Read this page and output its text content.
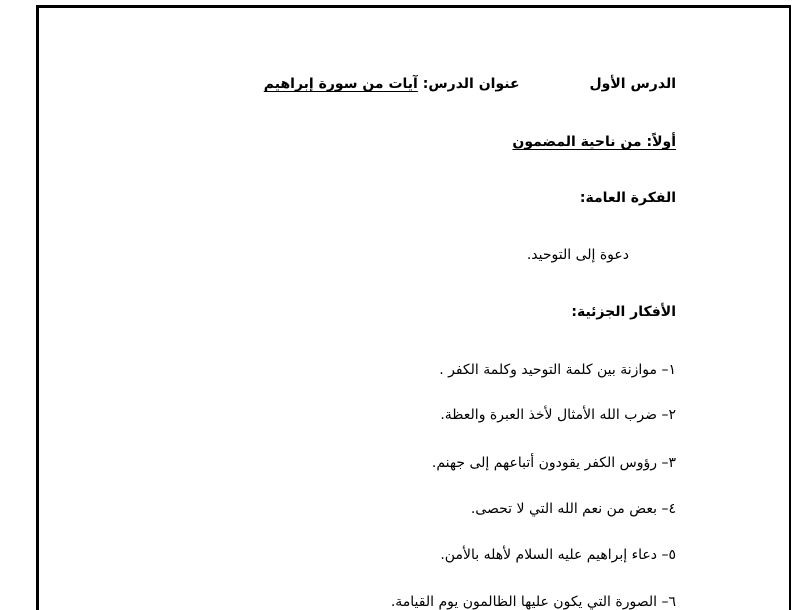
الدرس الأولعنوان الدرس: آيات من سورة إبراهيم
أولاً: من ناحية المضمون
الفكرة العامة:
دعوة إلى التوحيد.
الأفكار الجزئية:
١– موازنة بين كلمة التوحيد وكلمة الكفر .
٢– ضرب الله الأمثال لأخذ العبرة والعظة.
٣– رؤوس الكفر يقودون أتباعهم إلى جهنم.
٤– بعض من نعم الله التي لا تحصى.
٥– دعاء إبراهيم عليه السلام لأهله بالأمن.
٦– الصورة التي يكون عليها الظالمون يوم القيامة.
